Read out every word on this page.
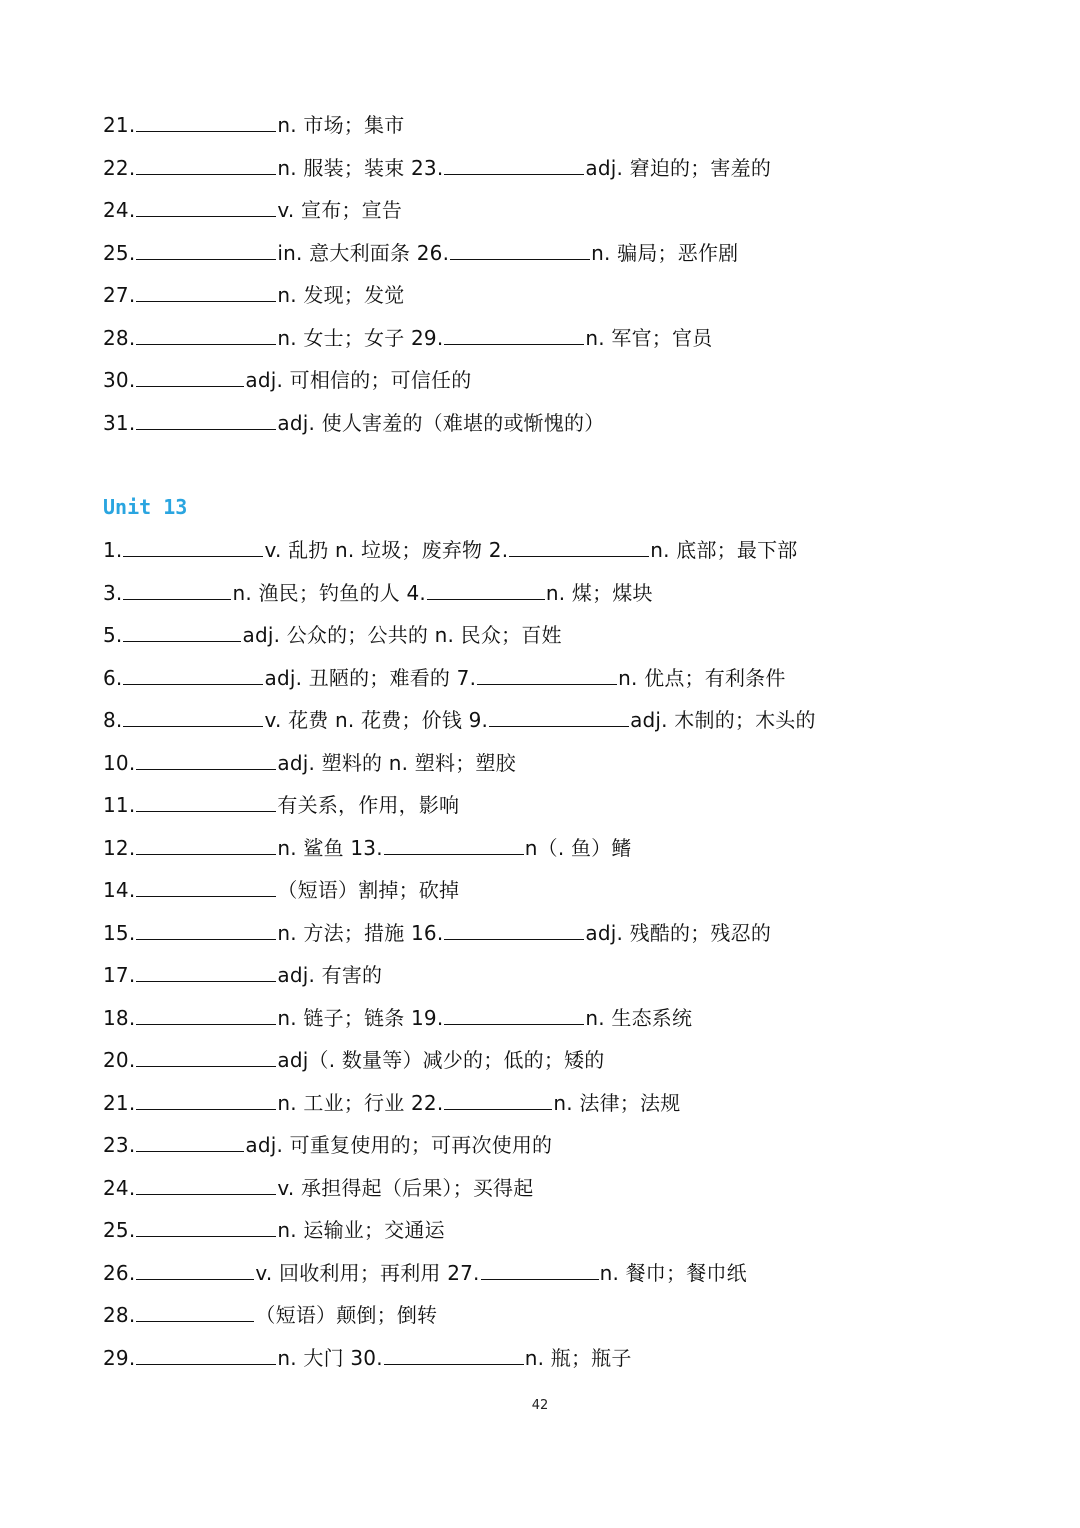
21.	n. 市场；集市
22.	n. 服装；装束 23.	adj. 窘迫的；害羞的
24.	v. 宣布；宣告
25.	in. 意大利面条 26.	n. 骗局；恶作剧
27.	n. 发现；发觉
28.	n. 女士；女子 29.	n. 军官；官员
30.	adj. 可相信的；可信任的
31.	adj. 使人害羞的（难堪的或惭愧的）
Unit 13
1.	v. 乱扔 n. 垃圾；废弃物 2.	n. 底部；最下部
3.	n. 渔民；钓鱼的人 4.	n. 煤；煤块
5.	adj. 公众的；公共的 n. 民众；百姓
6.	adj. 丑陋的；难看的 7.	n. 优点；有利条件
8.	v. 花费 n. 花费；价钱 9.	adj. 木制的；木头的
10.	adj. 塑料的 n. 塑料；塑胶
11.	有关系，作用，影响
12.	n. 鲨鱼 13.	n（. 鱼）鳍
14.	（短语）割掉；砍掉
15.	n. 方法；措施 16.	adj. 残酷的；残忍的
17.	adj. 有害的
18.	n. 链子；链条 19.	n. 生态系统
20.	adj（. 数量等）减少的；低的；矮的
21.	n. 工业；行业 22.	n. 法律；法规
23.	adj. 可重复使用的；可再次使用的
24.	v. 承担得起（后果）；买得起
25.	n. 运输业；交通运
26.	v. 回收利用；再利用 27.	n. 餐巾；餐巾纸
28.	（短语）颠倒；倒转
29.	n. 大门 30.	n. 瓶；瓶子
42
